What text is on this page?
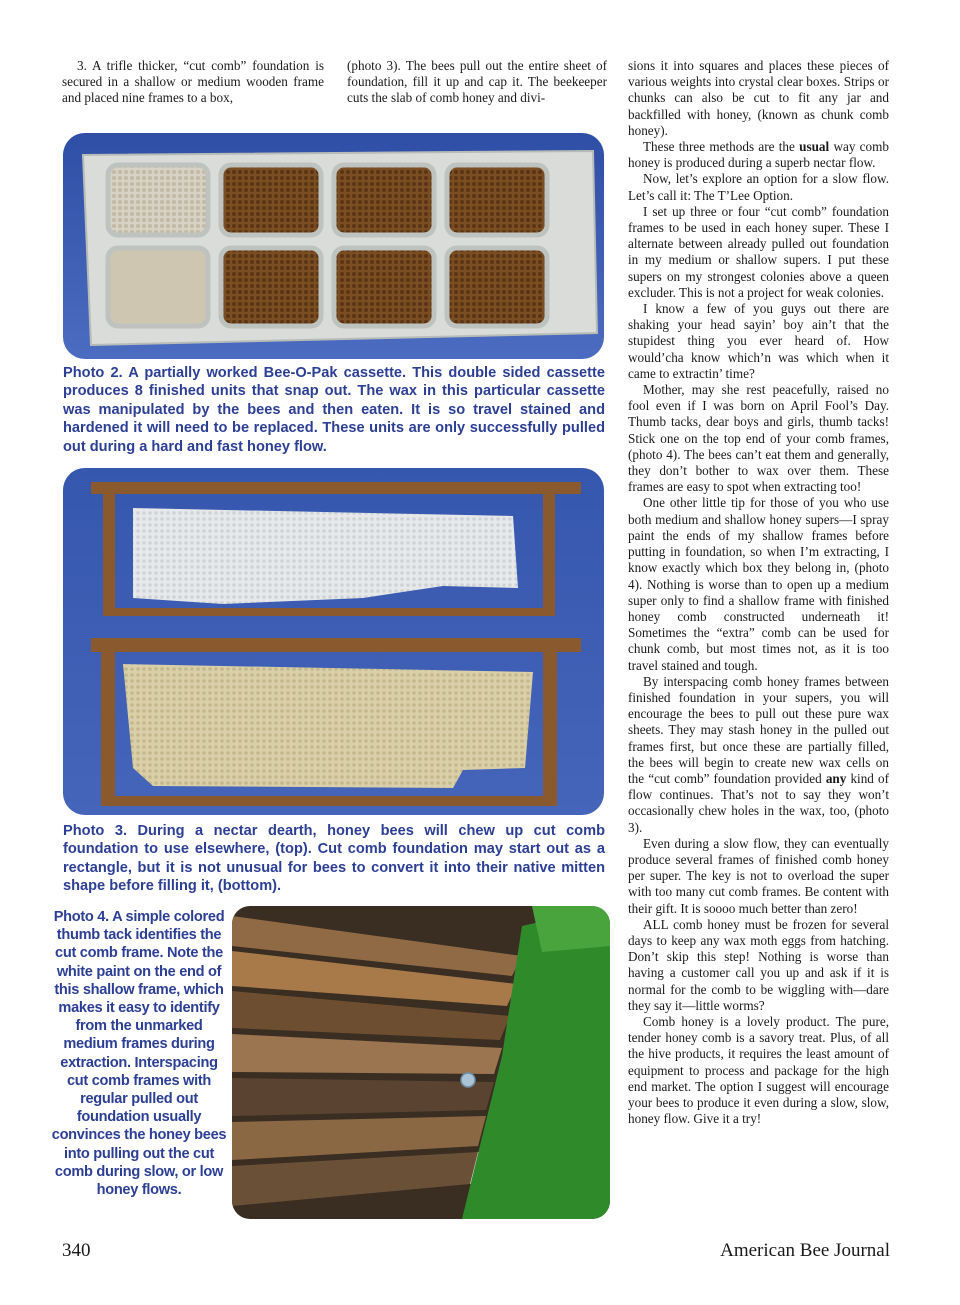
3. A trifle thicker, “cut comb” foundation is secured in a shallow or medium wooden frame and placed nine frames to a box,

(photo 3). The bees pull out the entire sheet of foundation, fill it up and cap it. The beekeeper cuts the slab of comb honey and divi-

sions it into squares and places these pieces of various weights into crystal clear boxes. Strips or chunks can also be cut to fit any jar and backfilled with honey, (known as chunk comb honey).

These three methods are the usual way comb honey is produced during a superb nectar flow.

Now, let’s explore an option for a slow flow. Let’s call it: The T’Lee Option.

I set up three or four “cut comb” foundation frames to be used in each honey super. These I alternate between already pulled out foundation in my medium or shallow supers. I put these supers on my strongest colonies above a queen excluder. This is not a project for weak colonies.

I know a few of you guys out there are shaking your head sayin’ boy ain’t that the stupidest thing you ever heard of. How would’cha know which’n was which when it came to extractin’ time?

Mother, may she rest peacefully, raised no fool even if I was born on April Fool’s Day. Thumb tacks, dear boys and girls, thumb tacks! Stick one on the top end of your comb frames, (photo 4). The bees can’t eat them and generally, they don’t bother to wax over them. These frames are easy to spot when extracting too!

One other little tip for those of you who use both medium and shallow honey supers—I spray paint the ends of my shallow frames before putting in foundation, so when I’m extracting, I know exactly which box they belong in, (photo 4). Nothing is worse than to open up a medium super only to find a shallow frame with finished honey comb constructed underneath it! Sometimes the “extra” comb can be used for chunk comb, but most times not, as it is too travel stained and tough.

By interspacing comb honey frames between finished foundation in your supers, you will encourage the bees to pull out these pure wax sheets. They may stash honey in the pulled out frames first, but once these are partially filled, the bees will begin to create new wax cells on the “cut comb” foundation provided any kind of flow continues. That’s not to say they won’t occasionally chew holes in the wax, too, (photo 3).

Even during a slow flow, they can eventually produce several frames of finished comb honey per super. The key is not to overload the super with too many cut comb frames. Be content with their gift. It is soooo much better than zero!

ALL comb honey must be frozen for several days to keep any wax moth eggs from hatching. Don’t skip this step! Nothing is worse than having a customer call you up and ask if it is normal for the comb to be wiggling with—dare they say it—little worms?

Comb honey is a lovely product. The pure, tender honey comb is a savory treat. Plus, of all the hive products, it requires the least amount of equipment to process and package for the high end market. The option I suggest will encourage your bees to produce it even during a slow, slow, honey flow. Give it a try!

Photo 2. A partially worked Bee-O-Pak cassette. This double sided cassette produces 8 finished units that snap out. The wax in this particular cassette was manipulated by the bees and then eaten. It is so travel stained and hardened it will need to be replaced. These units are only successfully pulled out during a hard and fast honey flow.
Photo 3. During a nectar dearth, honey bees will chew up cut comb foundation to use elsewhere, (top). Cut comb foundation may start out as a rectangle, but it is not unusual for bees to convert it into their native mitten shape before filling it, (bottom).
Photo 4. A simple colored thumb tack identifies the cut comb frame. Note the white paint on the end of this shallow frame, which makes it easy to identify from the unmarked medium frames during extraction. Interspacing cut comb frames with regular pulled out foundation usually convinces the honey bees into pulling out the cut comb during slow, or low honey flows.
340	American Bee Journal
